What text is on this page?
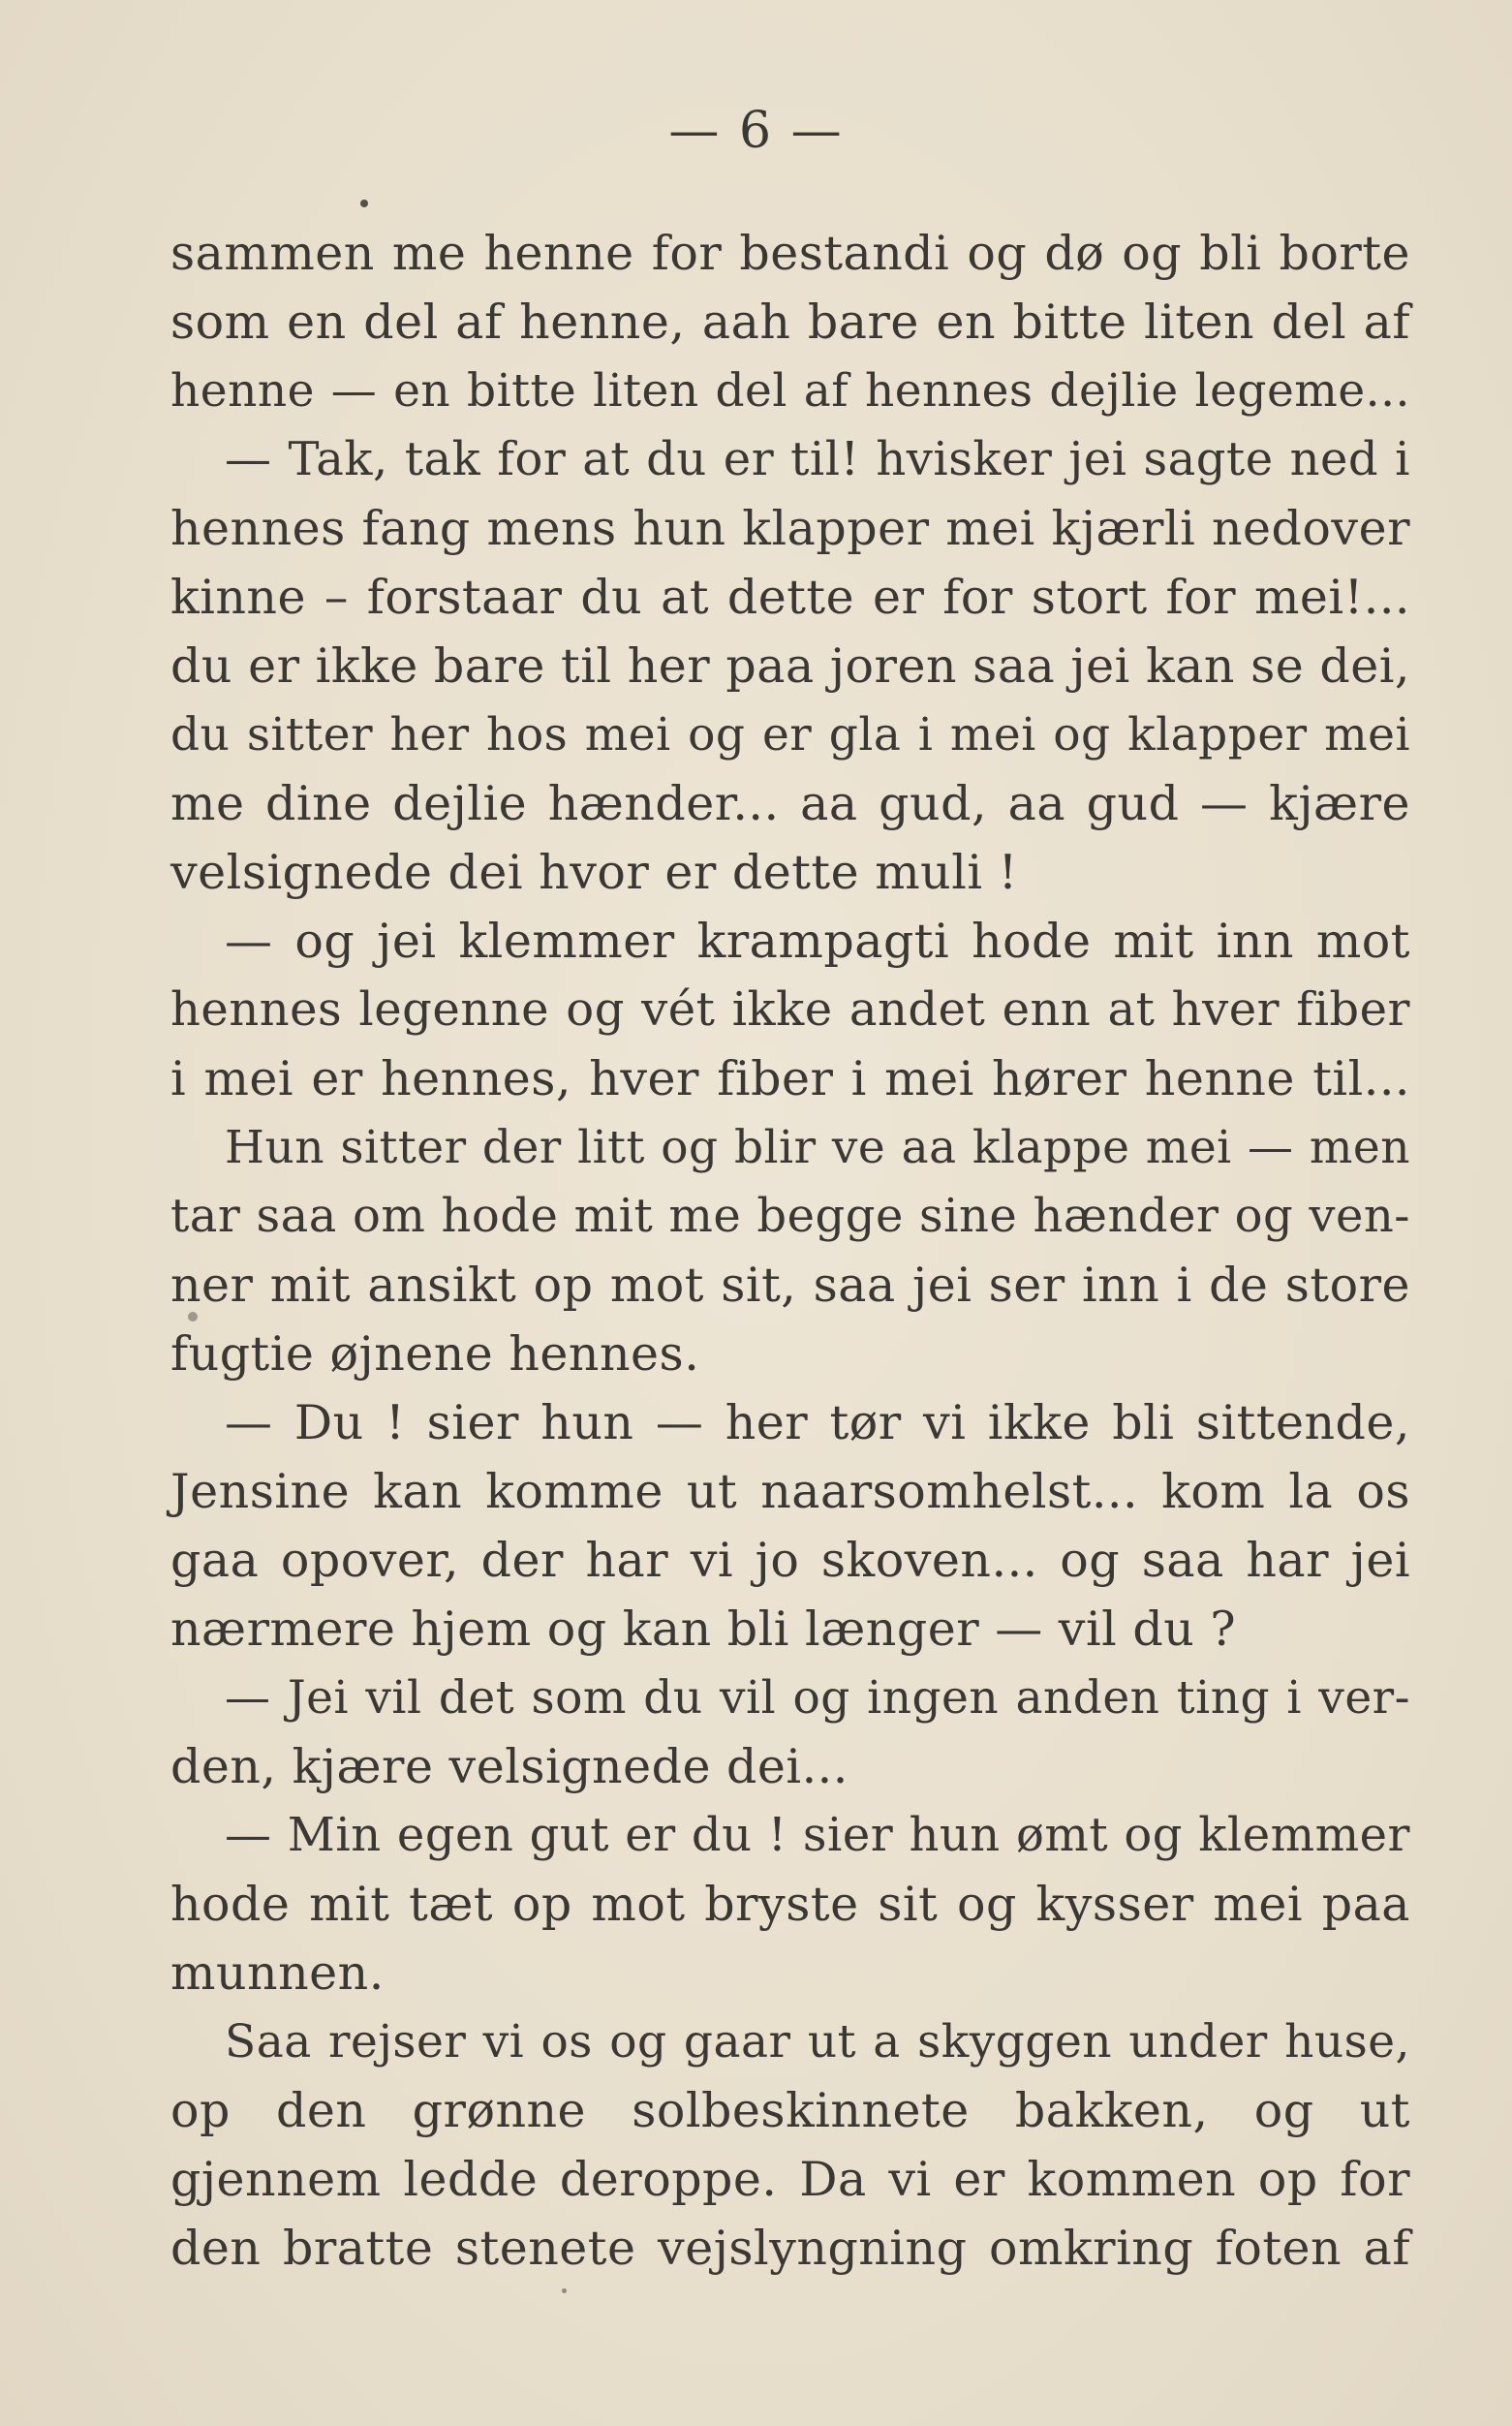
— 6 —
sammen me henne for bestandi og dø og bli borte
som en del af henne, aah bare en bitte liten del af
henne — en bitte liten del af hennes dejlie legeme...
— Tak, tak for at du er til! hvisker jei sagte ned i
hennes fang mens hun klapper mei kjærli nedover
kinne – forstaar du at dette er for stort for mei!...
du er ikke bare til her paa joren saa jei kan se dei,
du sitter her hos mei og er gla i mei og klapper mei
me dine dejlie hænder... aa gud, aa gud — kjære
velsignede dei hvor er dette muli !
— og jei klemmer krampagti hode mit inn mot
hennes legenne og vét ikke andet enn at hver fiber
i mei er hennes, hver fiber i mei hører henne til...
Hun sitter der litt og blir ve aa klappe mei — men
tar saa om hode mit me begge sine hænder og ven-
ner mit ansikt op mot sit, saa jei ser inn i de store
fugtie øjnene hennes.
— Du ! sier hun — her tør vi ikke bli sittende,
Jensine kan komme ut naarsomhelst... kom la os
gaa opover, der har vi jo skoven... og saa har jei
nærmere hjem og kan bli længer — vil du ?
— Jei vil det som du vil og ingen anden ting i ver-
den, kjære velsignede dei...
— Min egen gut er du ! sier hun ømt og klemmer
hode mit tæt op mot bryste sit og kysser mei paa
munnen.
Saa rejser vi os og gaar ut a skyggen under huse,
op den grønne solbeskinnete bakken, og ut
gjennem ledde deroppe. Da vi er kommen op for
den bratte stenete vejslyngning omkring foten af
